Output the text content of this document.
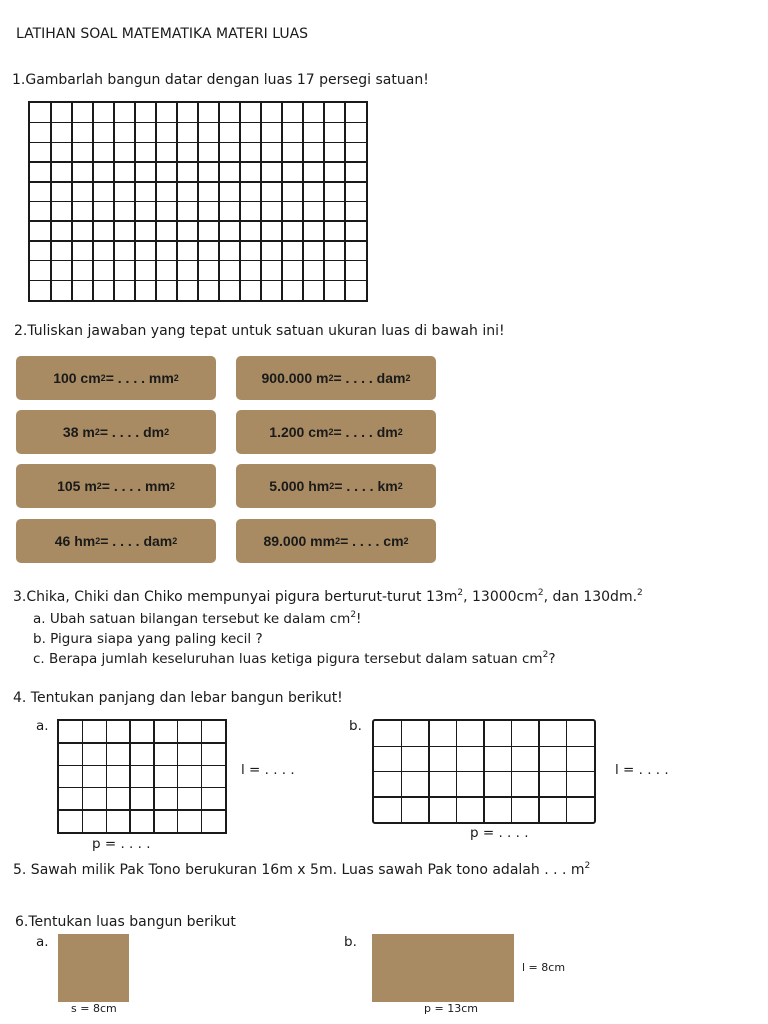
LATIHAN SOAL MATEMATIKA MATERI LUAS
1.Gambarlah bangun datar dengan luas 17 persegi satuan!
2.Tuliskan jawaban yang tepat untuk satuan ukuran luas di bawah ini!
100 cm 2 = . . . . mm 2	900.000 m 2 = . . . . dam 2
38 m 2 = . . . . dm 2	1.200 cm 2 = . . . . dm 2
105 m 2 = . . . . mm 2	5.000 hm 2 = . . . . km 2
46 hm 2 = . . . . dam 2	89.000 mm 2 = . . . . cm 2
3.Chika, Chiki dan Chiko mempunyai pigura berturut-turut $13m^2$, $13000cm^2$, dan 130dm.$^2$
a. Ubah satuan bilangan tersebut ke dalam $cm^2$!
b. Pigura siapa yang paling kecil ?
c. Berapa jumlah keseluruhan luas ketiga pigura tersebut dalam satuan $cm^2$?
4. Tentukan panjang dan lebar bangun berikut!
a.
l = . . . .
p = . . . .
b.
l = . . . .
p = . . . .
5. Sawah milik Pak Tono berukuran 16m x 5m. Luas sawah Pak tono adalah . . . $m^2$
6.Tentukan luas bangun berikut
a.
s = 8cm
b.
l = 8cm
p = 13cm
